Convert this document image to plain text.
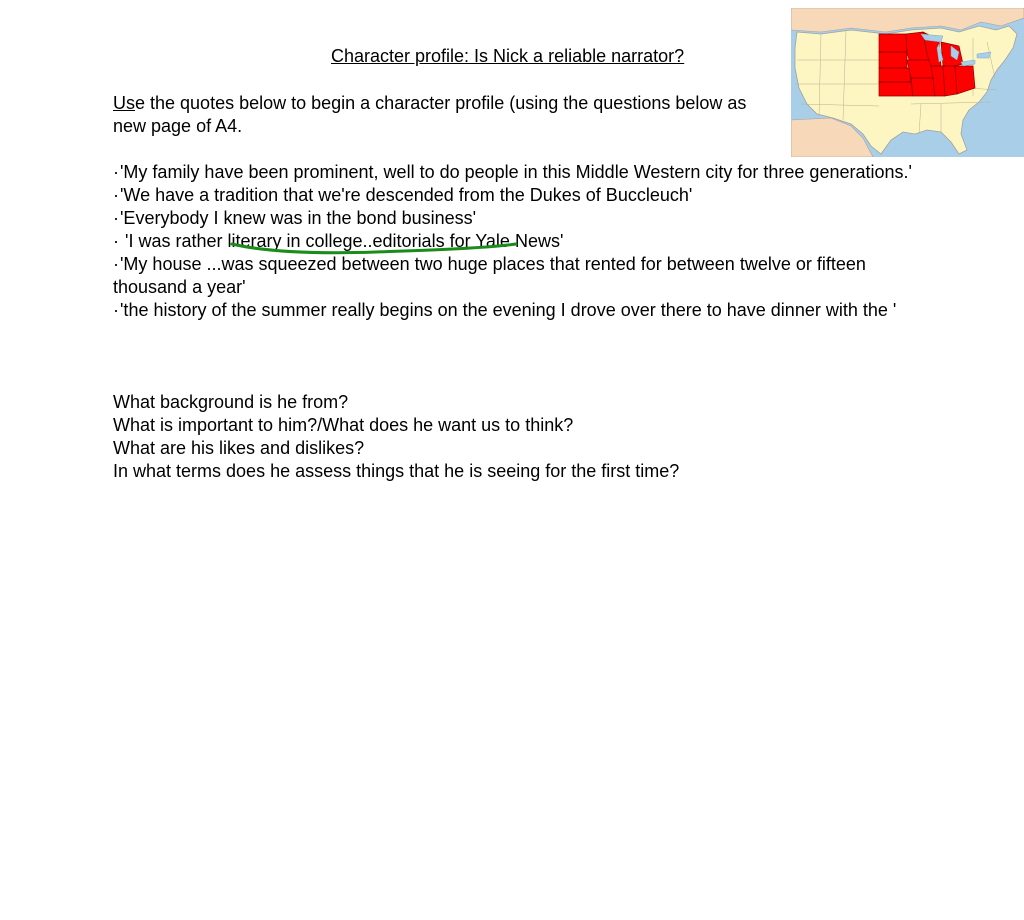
Character profile: Is Nick a reliable narrator?
Use the quotes below to begin a character profile (using the questions below as
new page of A4.

·'My family have been prominent, well to do people in this Middle Western city for three generations.'

·'We have a tradition that we're descended from the Dukes of Buccleuch'

·'Everybody I knew was in the bond business'

· 'I was rather literary in college..editorials for Yale News'

·'My house ...was squeezed between two huge places that rented for between twelve or fifteen thousand a year'

·'the history of the summer really begins on the evening I drove over there to have dinner with the '

What background is he from?

What is important to him?/What does he want us to think?

What are his likes and dislikes?

In what terms does he assess things that he is seeing for the first time?
